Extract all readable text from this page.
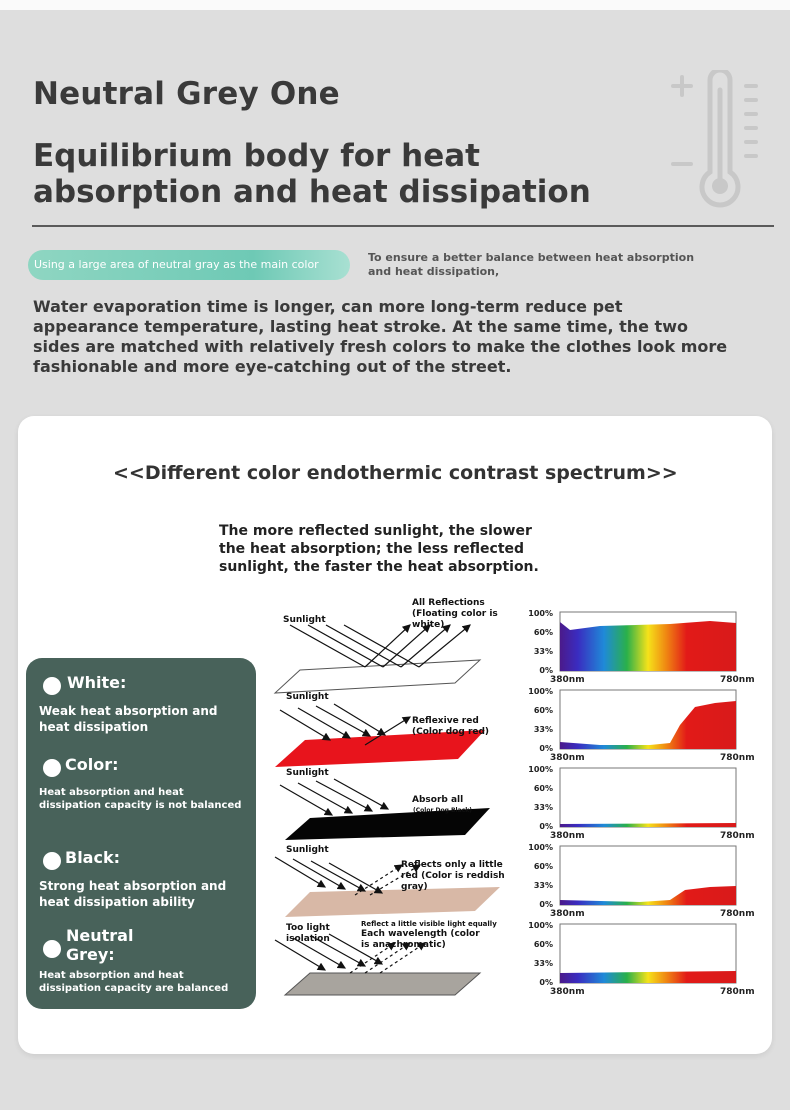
Neutral Grey One
Equilibrium body for heat absorption and heat dissipation
Using a large area of neutral gray as the main color
To ensure a better balance between heat absorption and heat dissipation,
Water evaporation time is longer, can more long-term reduce pet appearance temperature, lasting heat stroke. At the same time, the two sides are matched with relatively fresh colors to make the clothes look more fashionable and more eye-catching out of the street.
<<Different color endothermic contrast spectrum>>
The more reflected sunlight, the slower the heat absorption; the less reflected sunlight, the faster the heat absorption.
White:
Weak heat absorption and heat dissipation
Color:
Heat absorption and heat dissipation capacity is not balanced
Black:
Strong heat absorption and heat dissipation ability
Neutral Grey:
Heat absorption and heat dissipation capacity are balanced
Sunlight
All Reflections (Floating color is white)
Sunlight
Reflexive red (Color dog red)
Sunlight
Absorb all
(Color Dog Black)
Sunlight
Reflects only a little red (Color is reddish gray)
Too light isolation
Reflect a little visible light equally
Each wavelength (color is anachromatic)
100%
60%
33%
0%
380nm	780nm
100%
60%
33%
0%
380nm	780nm
100%
60%
33%
0%
380nm	780nm
100%
60%
33%
0%
380nm	780nm
100%
60%
33%
0%
380nm	780nm
